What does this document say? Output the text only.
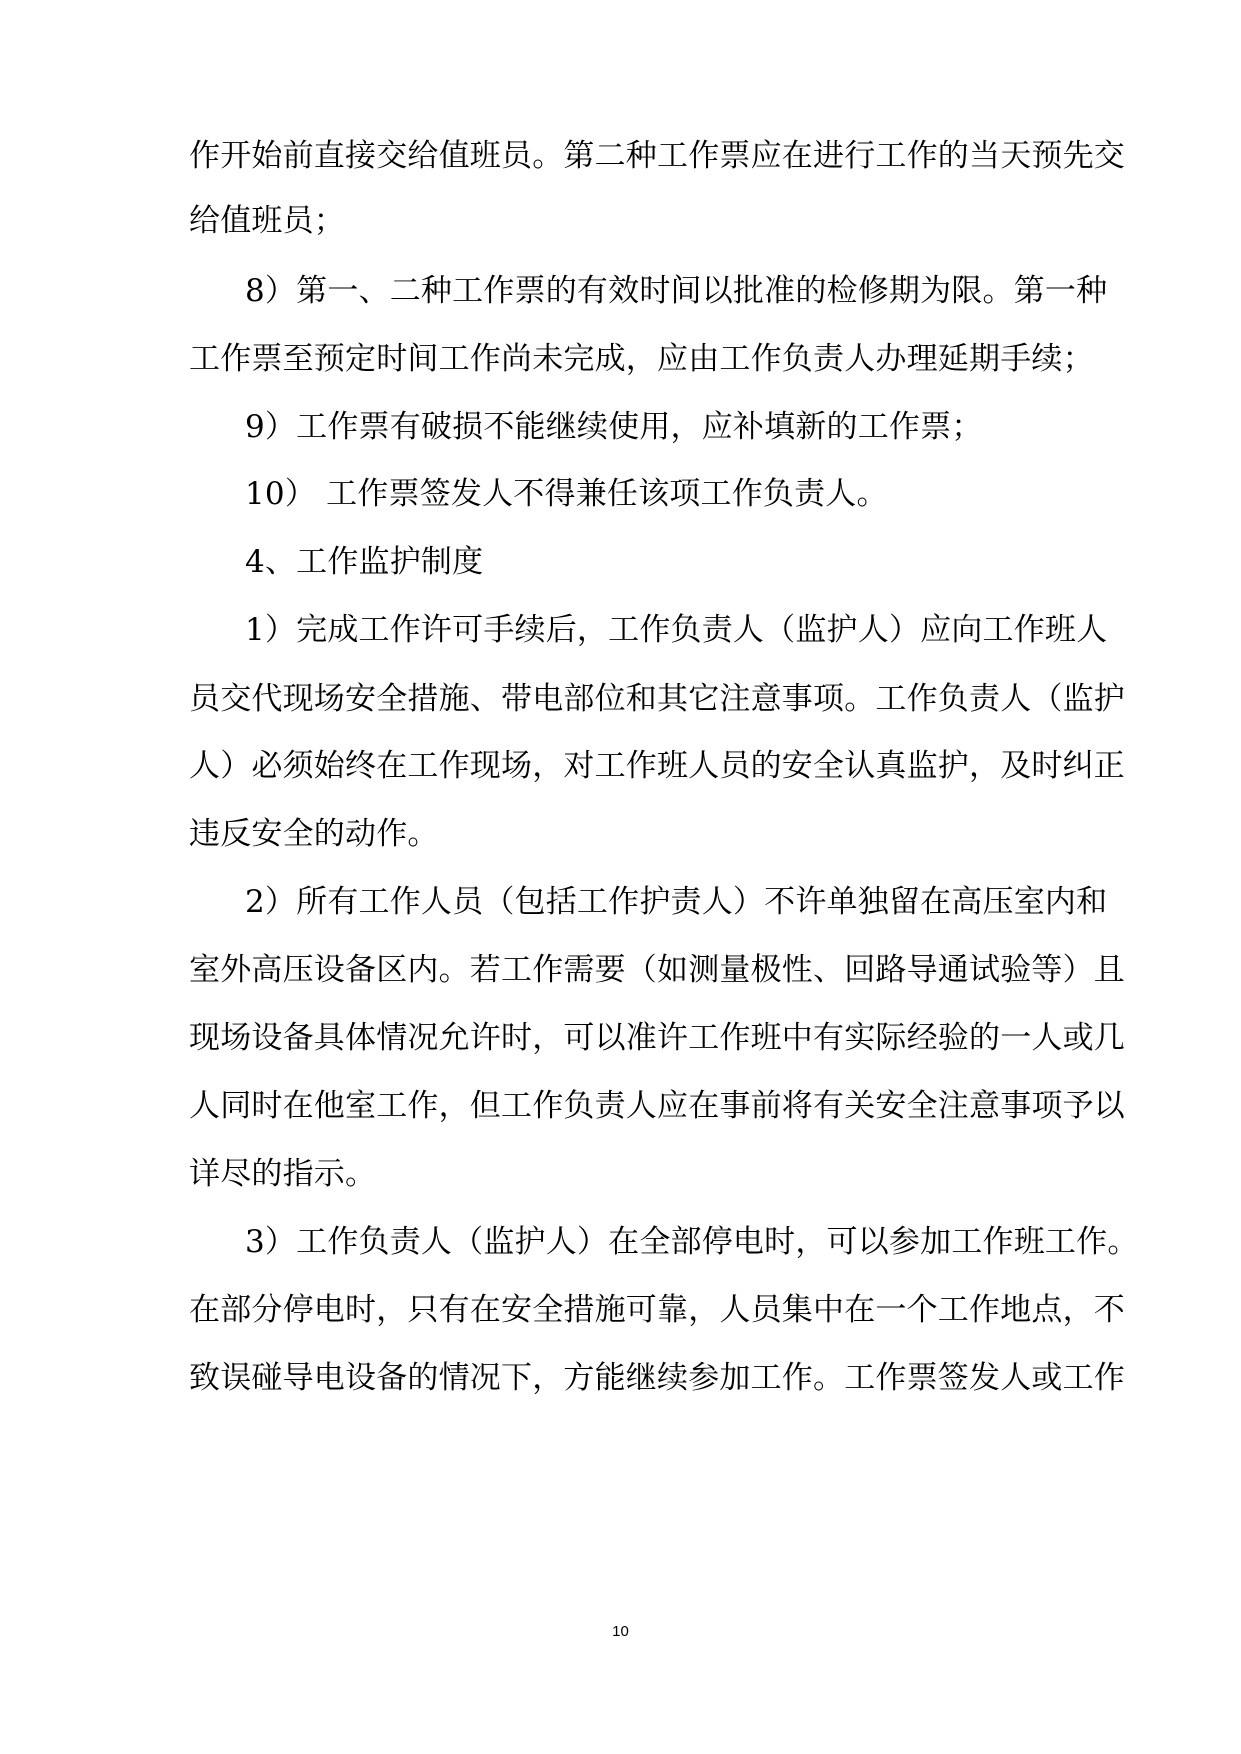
作开始前直接交给值班员。第二种工作票应在进行工作的当天预先交

给值班员；

8）第一、二种工作票的有效时间以批准的检修期为限。第一种

工作票至预定时间工作尚未完成，应由工作负责人办理延期手续；

9）工作票有破损不能继续使用，应补填新的工作票；

10） 工作票签发人不得兼任该项工作负责人。

4、工作监护制度

1）完成工作许可手续后，工作负责人（监护人）应向工作班人

员交代现场安全措施、带电部位和其它注意事项。工作负责人（监护

人）必须始终在工作现场，对工作班人员的安全认真监护，及时纠正

违反安全的动作。

2）所有工作人员（包括工作护责人）不许单独留在高压室内和

室外高压设备区内。若工作需要（如测量极性、回路导通试验等）且

现场设备具体情况允许时，可以准许工作班中有实际经验的一人或几

人同时在他室工作，但工作负责人应在事前将有关安全注意事项予以

详尽的指示。

3）工作负责人（监护人）在全部停电时，可以参加工作班工作。

在部分停电时，只有在安全措施可靠，人员集中在一个工作地点，不

致误碰导电设备的情况下，方能继续参加工作。工作票签发人或工作

10
